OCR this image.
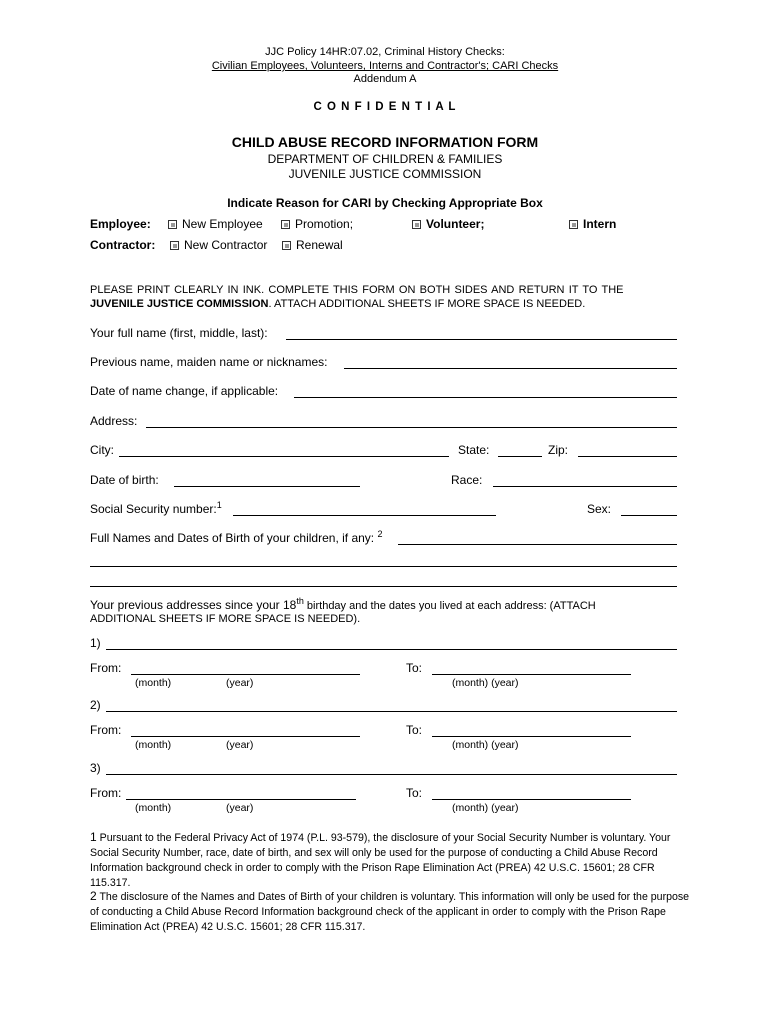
JJC Policy 14HR:07.02, Criminal History Checks:
Civilian Employees, Volunteers, Interns and Contractor's; CARI Checks
Addendum A
C O N F I D E N T I A L
CHILD ABUSE RECORD INFORMATION FORM
DEPARTMENT OF CHILDREN & FAMILIES
JUVENILE JUSTICE COMMISSION
Indicate Reason for CARI by Checking Appropriate Box
Employee:	New Employee	Promotion;	Volunteer;	Intern
Contractor:	New Contractor	Renewal
PLEASE PRINT CLEARLY IN INK. COMPLETE THIS FORM ON BOTH SIDES AND RETURN IT TO THE
JUVENILE JUSTICE COMMISSION. ATTACH ADDITIONAL SHEETS IF MORE SPACE IS NEEDED.
Your full name (first, middle, last):
Previous name, maiden name or nicknames:
Date of name change, if applicable:
Address:
City:	State:	Zip:
Date of birth:	Race:
Social Security number:$^1$	Sex:
Full Names and Dates of Birth of your children, if any: $^2$
Your previous addresses since your 18th birthday and the dates you lived at each address: (ATTACH
ADDITIONAL SHEETS IF MORE SPACE IS NEEDED).
1)
From:
(month)	(year)
To:
(month) (year)
2)
From:
(month)	(year)
To:
(month) (year)
3)
From:
(month)	(year)
To:
(month) (year)
1 Pursuant to the Federal Privacy Act of 1974 (P.L. 93-579), the disclosure of your Social Security Number is voluntary. Your Social Security Number, race, date of birth, and sex will only be used for the purpose of conducting a Child Abuse Record Information background check in order to comply with the Prison Rape Elimination Act (PREA) 42 U.S.C. 15601; 28 CFR 115.317.
2 The disclosure of the Names and Dates of Birth of your children is voluntary. This information will only be used for the purpose of conducting a Child Abuse Record Information background check of the applicant in order to comply with the Prison Rape Elimination Act (PREA) 42 U.S.C. 15601; 28 CFR 115.317.
